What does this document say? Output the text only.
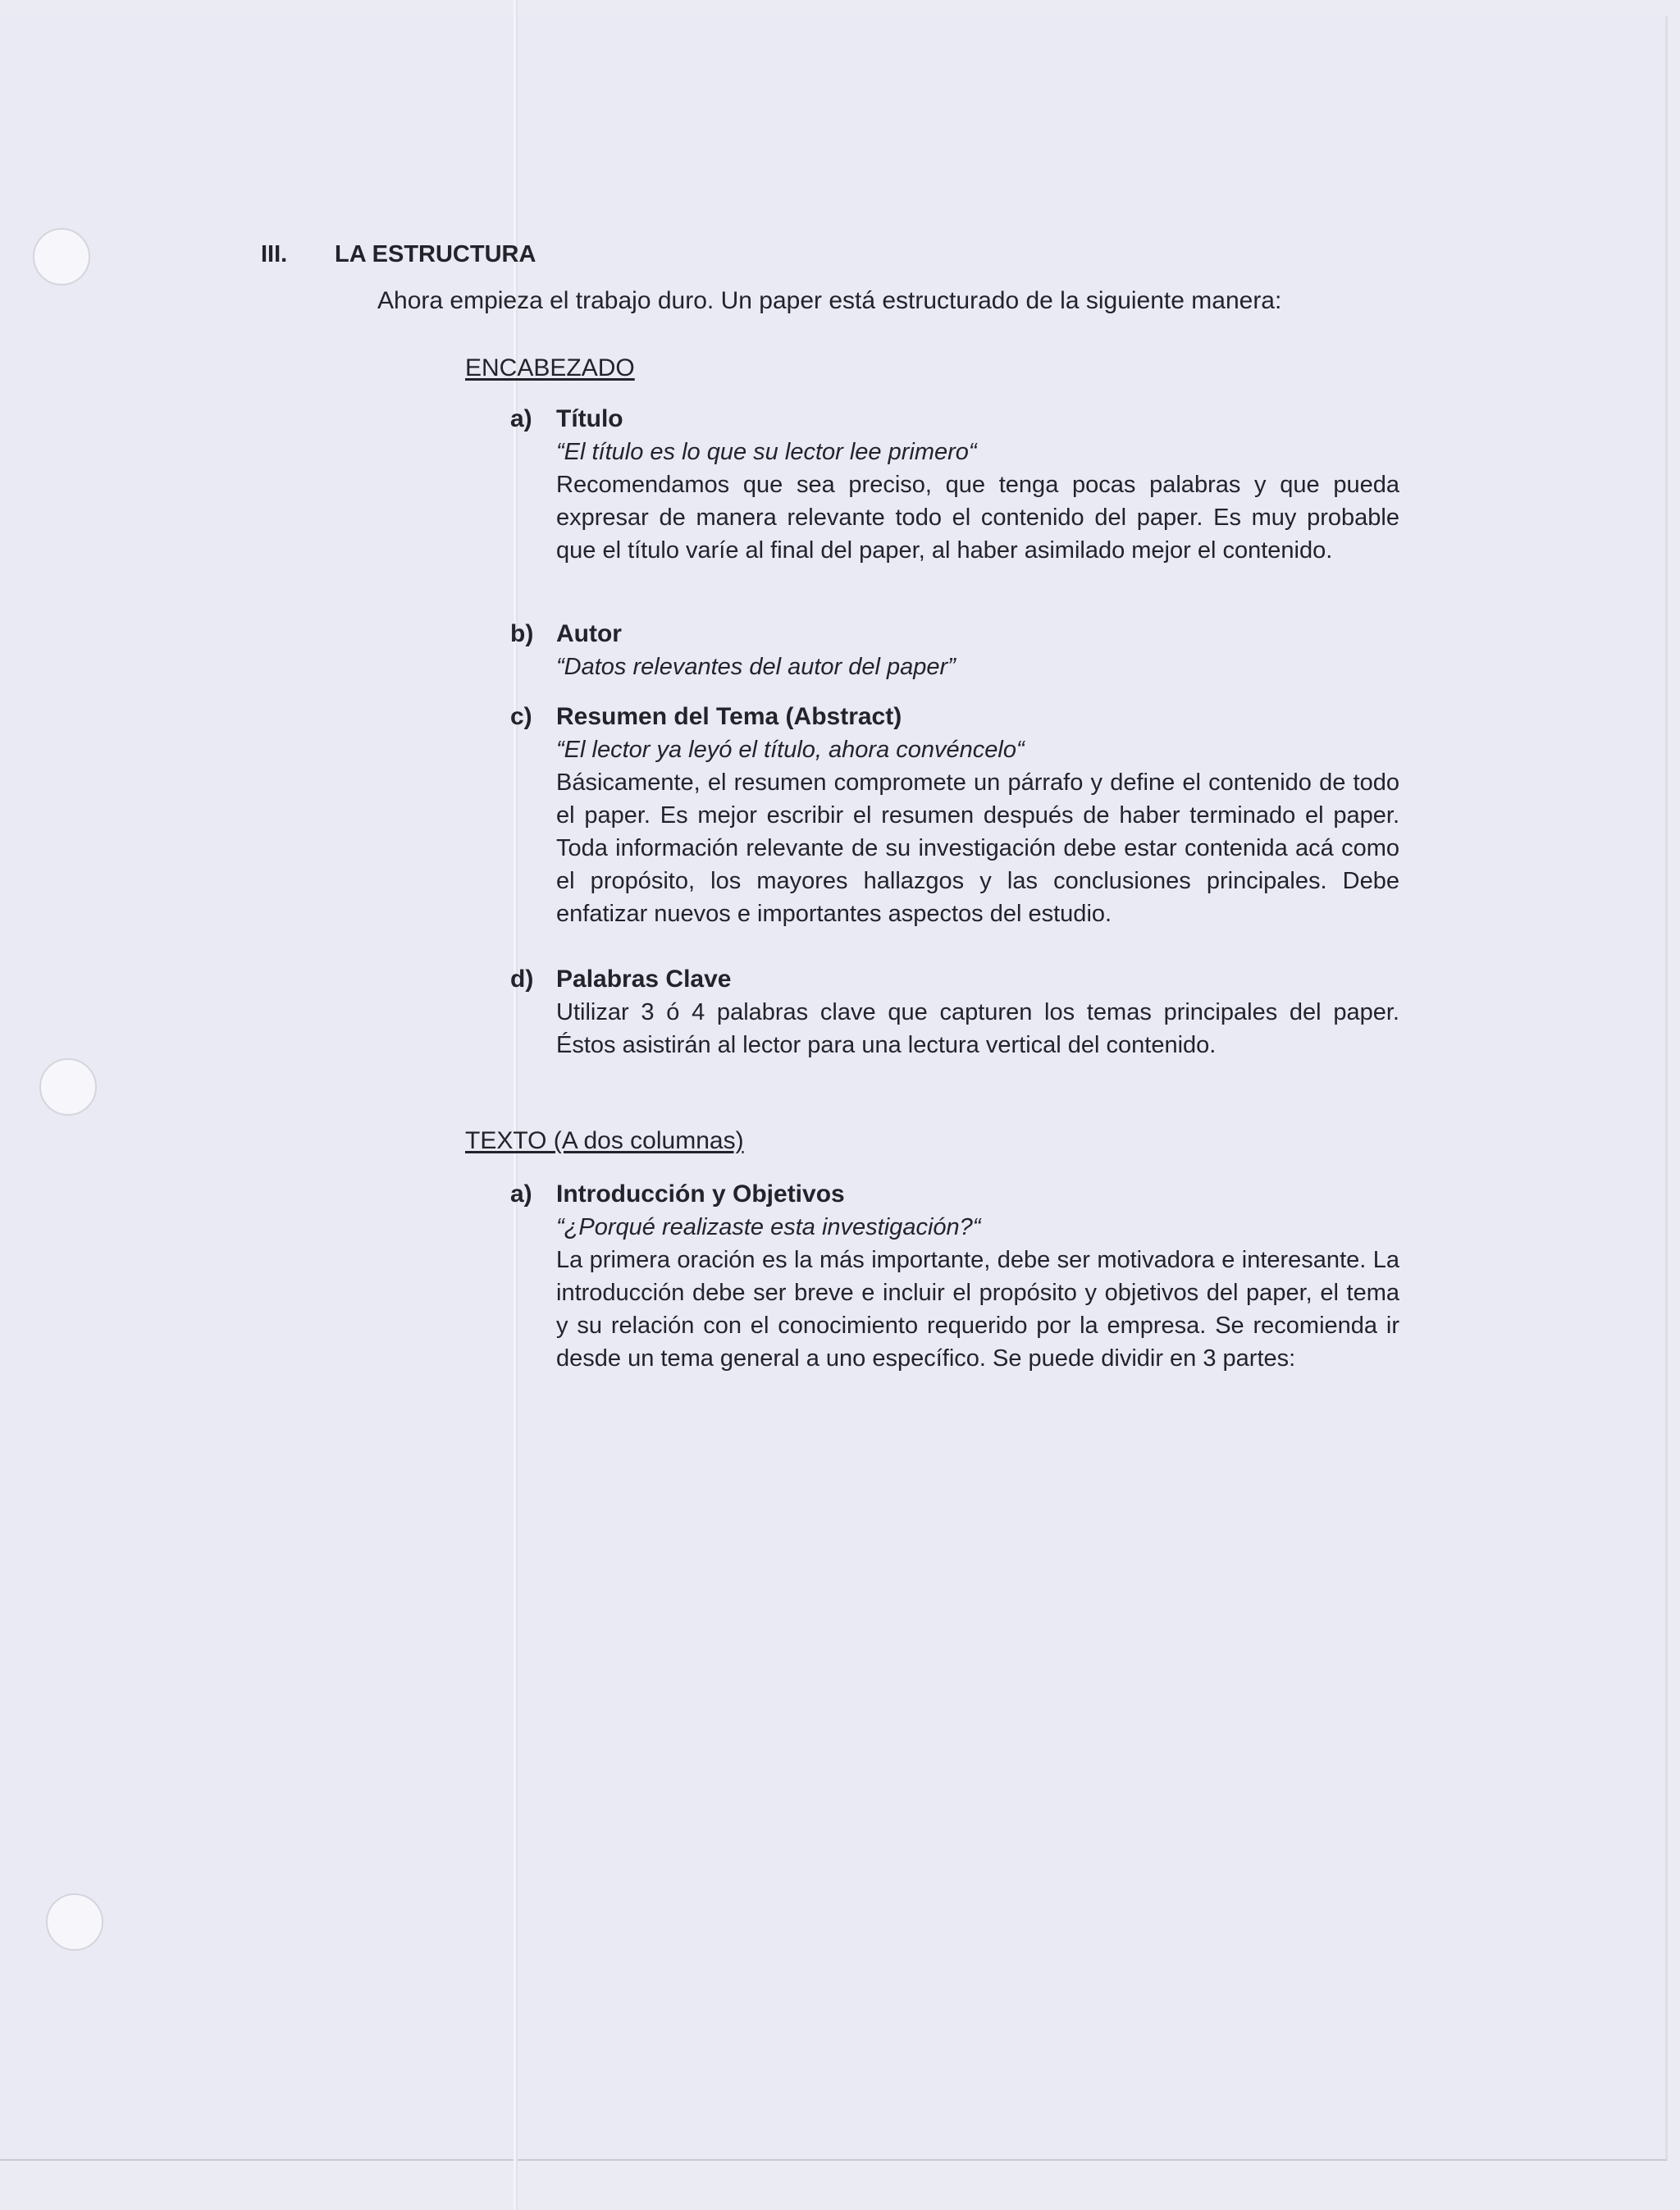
III. LA ESTRUCTURA
Ahora empieza el trabajo duro. Un paper está estructurado de la siguiente manera:
ENCABEZADO
a) Título
“El título es lo que su lector lee primero“
Recomendamos que sea preciso, que tenga pocas palabras y que pueda expresar de manera relevante todo el contenido del paper. Es muy probable que el título varíe al final del paper, al haber asimilado mejor el contenido.
b) Autor
“Datos relevantes del autor del paper”
c) Resumen del Tema (Abstract)
“El lector ya leyó el título, ahora convéncelo“
Básicamente, el resumen compromete un párrafo y define el contenido de todo el paper. Es mejor escribir el resumen después de haber terminado el paper. Toda información relevante de su investigación debe estar contenida acá como el propósito, los mayores hallazgos y las conclusiones principales. Debe enfatizar nuevos e importantes aspectos del estudio.
d) Palabras Clave
Utilizar 3 ó 4 palabras clave que capturen los temas principales del paper. Éstos asistirán al lector para una lectura vertical del contenido.
TEXTO (A dos columnas)
a) Introducción y Objetivos
“¿Porqué realizaste esta investigación?“
La primera oración es la más importante, debe ser motivadora e interesante. La introducción debe ser breve e incluir el propósito y objetivos del paper, el tema y su relación con el conocimiento requerido por la empresa. Se recomienda ir desde un tema general a uno específico. Se puede dividir en 3 partes:
